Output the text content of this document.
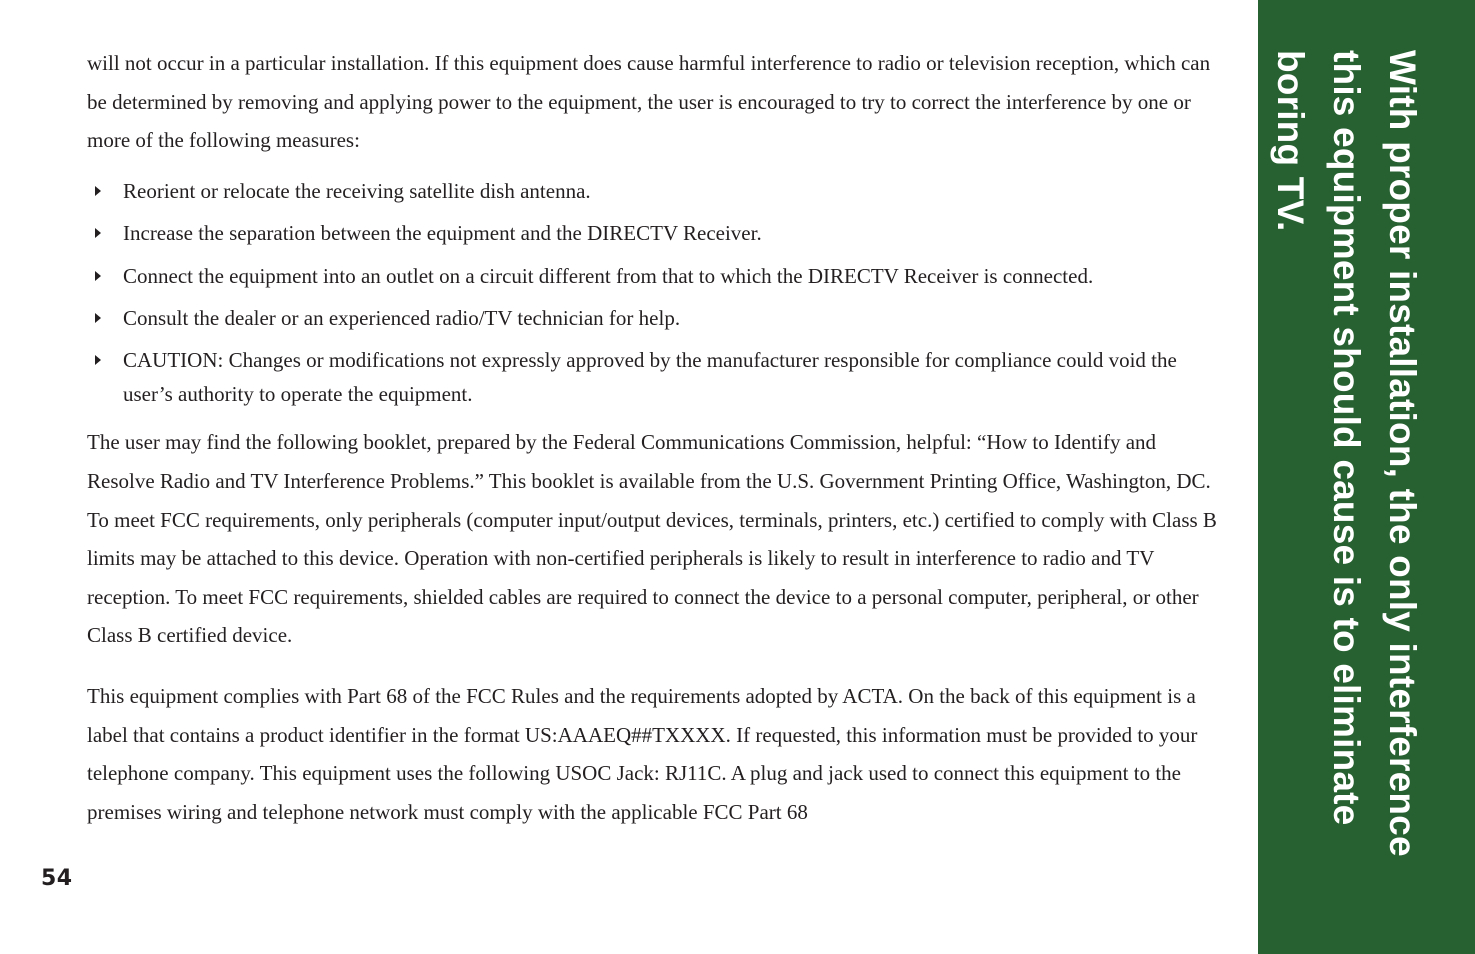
will not occur in a particular installation. If this equipment does cause harmful interference to radio or television reception, which can be determined by removing and applying power to the equipment, the user is encouraged to try to correct the interference by one or more of the following measures:

Reorient or relocate the receiving satellite dish antenna.
Increase the separation between the equipment and the DIRECTV Receiver.
Connect the equipment into an outlet on a circuit different from that to which the DIRECTV Receiver is connected.
Consult the dealer or an experienced radio/TV technician for help.
CAUTION: Changes or modifications not expressly approved by the manufacturer responsible for compliance could void the user’s authority to operate the equipment.

The user may find the following booklet, prepared by the Federal Communications Commission, helpful: “How to Identify and Resolve Radio and TV Interference Problems.” This booklet is available from the U.S. Government Printing Office, Washington, DC. To meet FCC requirements, only peripherals (computer input/output devices, terminals, printers, etc.) certified to comply with Class B limits may be attached to this device. Operation with non-certified peripherals is likely to result in interference to radio and TV reception. To meet FCC requirements, shielded cables are required to connect the device to a personal computer, peripheral, or other Class B certified device.

This equipment complies with Part 68 of the FCC Rules and the requirements adopted by ACTA. On the back of this equipment is a label that contains a product identifier in the format US:AAAEQ##TXXXX. If requested, this information must be provided to your telephone company. This equipment uses the following USOC Jack: RJ11C. A plug and jack used to connect this equipment to the premises wiring and telephone network must comply with the applicable FCC Part 68

54
With proper installation, the only interference this equipment should cause is to eliminate boring TV.
